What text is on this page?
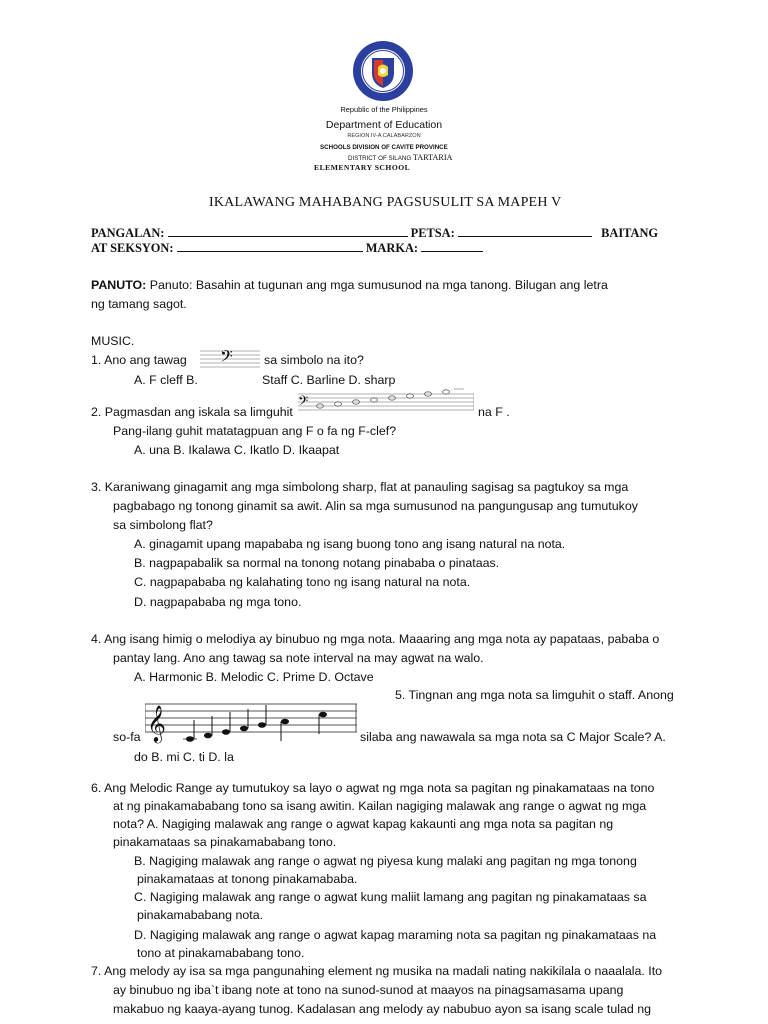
Republic of the Philippines
Department of Education
REGION IV-A CALABARZON
SCHOOLS DIVISION OF CAVITE PROVINCE
DISTRICT OF SILANG TARTARIA
ELEMENTARY SCHOOL
IKALAWANG MAHABANG PAGSUSULIT SA MAPEH V
PANGALAN:	PETSA:	BAITANG
AT SEKSYON:	MARKA:
PANUTO: Panuto: Basahin at tugunan ang mga sumusunod na mga tanong. Bilugan ang letra
ng tamang sagot.
MUSIC.
1. Ano ang tawag 𝄢	sa simbolo na ito?
A. F cleff B.	Staff C. Barline D. sharp
2. Pagmasdan ang iskala sa limguhit 𝄢	na F .
Pang-ilang guhit matatagpuan ang F o fa ng F-clef?
A. una B. Ikalawa C. Ikatlo D. Ikaapat
3. Karaniwang ginagamit ang mga simbolong sharp, flat at panauling sagisag sa pagtukoy sa mga
pagbabago ng tonong ginamit sa awit. Alin sa mga sumusunod na pangungusap ang tumutukoy
sa simbolong flat?
A. ginagamit upang mapababa ng isang buong tono ang isang natural na nota.
B. nagpapabalik sa normal na tonong notang pinababa o pinataas.
C. nagpapababa ng kalahating tono ng isang natural na nota.
D. nagpapababa ng mga tono.
4. Ang isang himig o melodiya ay binubuo ng mga nota. Maaaring ang mga nota ay papataas, pababa o
pantay lang. Ano ang tawag sa note interval na may agwat na walo.
A. Harmonic B. Melodic C. Prime D. Octave
5. Tingnan ang mga nota sa limguhit o staff. Anong
𝄞
so-fa	silaba ang nawawala sa mga nota sa C Major Scale? A.
do B. mi C. ti D. la
6. Ang Melodic Range ay tumutukoy sa layo o agwat ng mga nota sa pagitan ng pinakamataas na tono
at ng pinakamababang tono sa isang awitin. Kailan nagiging malawak ang range o agwat ng mga
nota? A. Nagiging malawak ang range o agwat kapag kakaunti ang mga nota sa pagitan ng
pinakamataas sa pinakamababang tono.
B. Nagiging malawak ang range o agwat ng piyesa kung malaki ang pagitan ng mga tonong
pinakamataas at tonong pinakamababa.
C. Nagiging malawak ang range o agwat kung maliit lamang ang pagitan ng pinakamataas sa
pinakamababang nota.
D. Nagiging malawak ang range o agwat kapag maraming nota sa pagitan ng pinakamataas na
tono at pinakamababang tono.
7. Ang melody ay isa sa mga pangunahing element ng musika na madali nating nakikilala o naaalala. Ito
ay binubuo ng iba`t ibang note at tono na sunod-sunod at maayos na pinagsamasama upang
makabuo ng kaaya-ayang tunog. Kadalasan ang melody ay nabubuo ayon sa isang scale tulad ng
